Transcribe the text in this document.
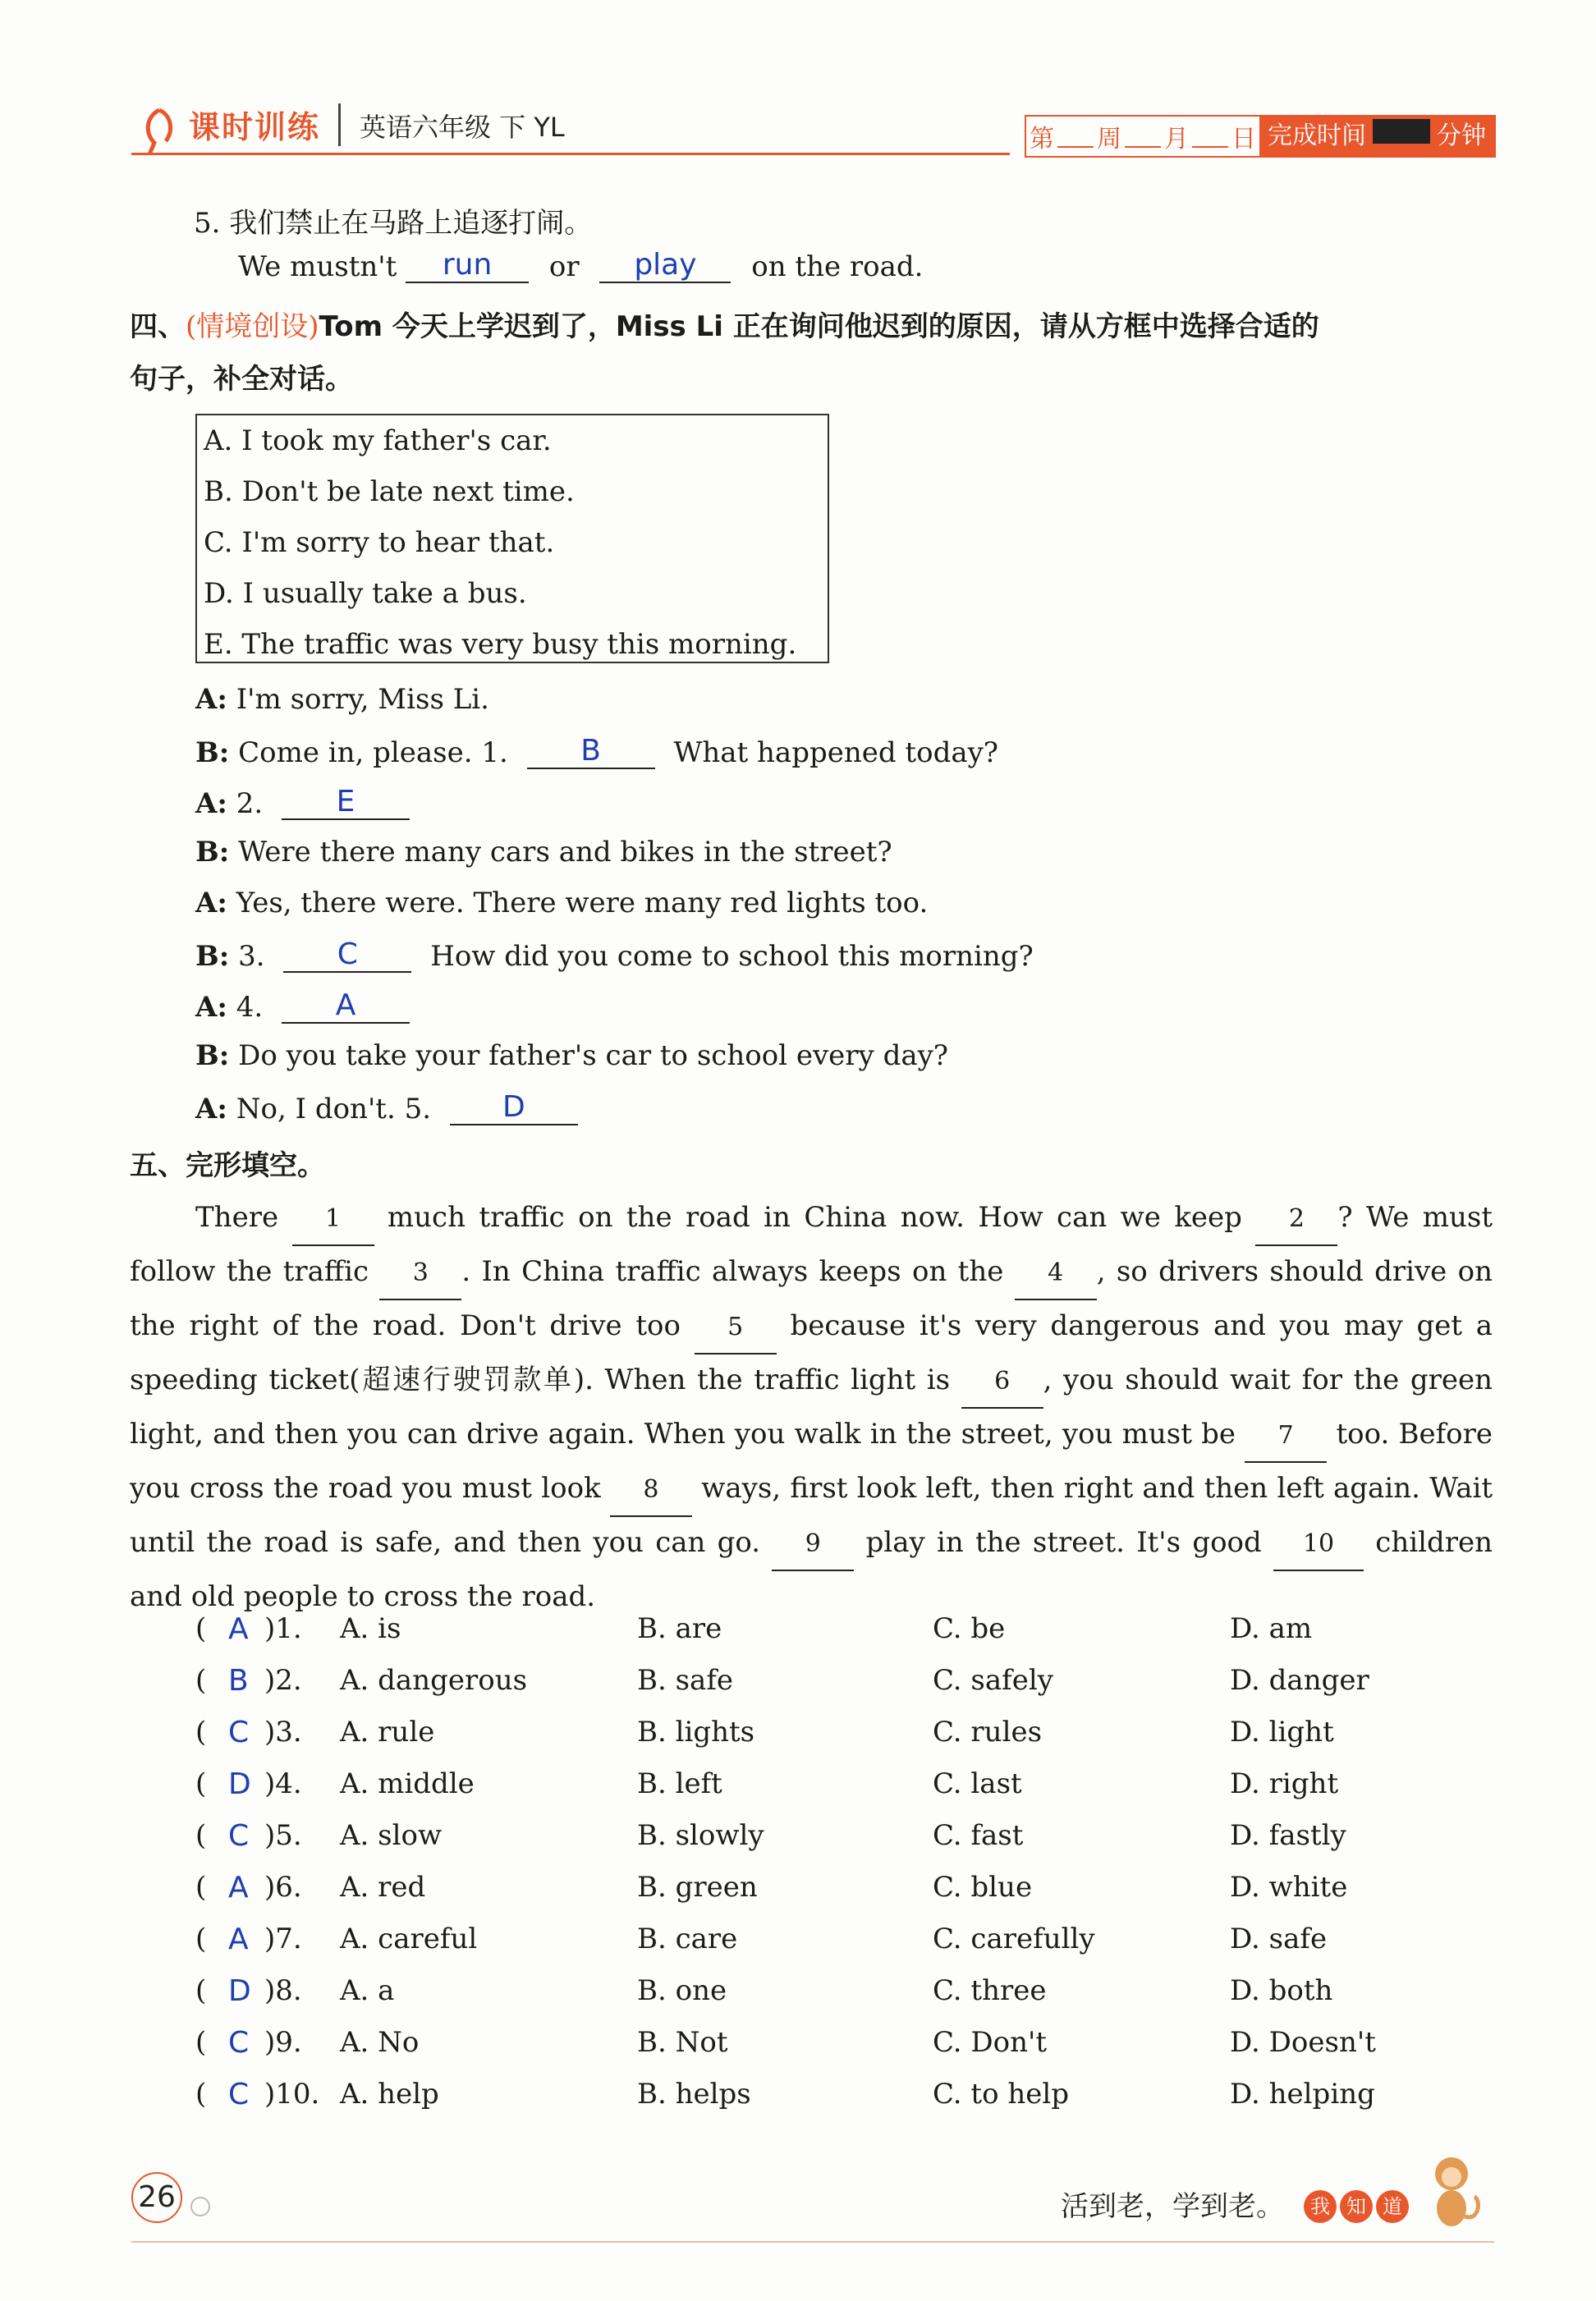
课时训练 英语六年级 下 YL	第 周 月 日 完成时间	分钟
5. 我们禁止在马路上追逐打闹。
We mustn't run or play on the road.
四、(情境创设)Tom 今天上学迟到了，Miss Li 正在询问他迟到的原因，请从方框中选择合适的
句子，补全对话。
A. I took my father's car.
B. Don't be late next time.
C. I'm sorry to hear that.
D. I usually take a bus.
E. The traffic was very busy this morning.
A: I'm sorry, Miss Li.
B: Come in, please. 1. B	What happened today?
A: 2. E
B: Were there many cars and bikes in the street?
A: Yes, there were. There were many red lights too.
B: 3. C	How did you come to school this morning?
A: 4. A
B: Do you take your father's car to school every day?
A: No, I don't. 5. D
五、完形填空。
There 1 much traffic on the road in China now. How can we keep 2 ? We must follow the traffic 3 . In China traffic always keeps on the 4 , so drivers should drive on the right of the road. Don't drive too 5 because it's very dangerous and you may get a speeding ticket(超速行驶罚款单). When the traffic light is 6 , you should wait for the green light, and then you can drive again. When you walk in the street, you must be 7 too. Before you cross the road you must look 8 ways, first look left, then right and then left again. Wait until the road is safe, and then you can go. 9 play in the street. It's good 10 children and old people to cross the road.
( A )1. A. is	B. are	C. be	D. am
( B )2. A. dangerous	B. safe	C. safely	D. danger
( C )3. A. rule	B. lights	C. rules	D. light
( D )4. A. middle	B. left	C. last	D. right
( C )5. A. slow	B. slowly	C. fast	D. fastly
( A )6. A. red	B. green	C. blue	D. white
( A )7. A. careful	B. care	C. carefully	D. safe
( D )8. A. a	B. one	C. three	D. both
( C )9. A. No	B. Not	C. Don't	D. Doesn't
( C )10. A. help	B. helps	C. to help	D. helping
26	活到老，学到老。	我 知 道
